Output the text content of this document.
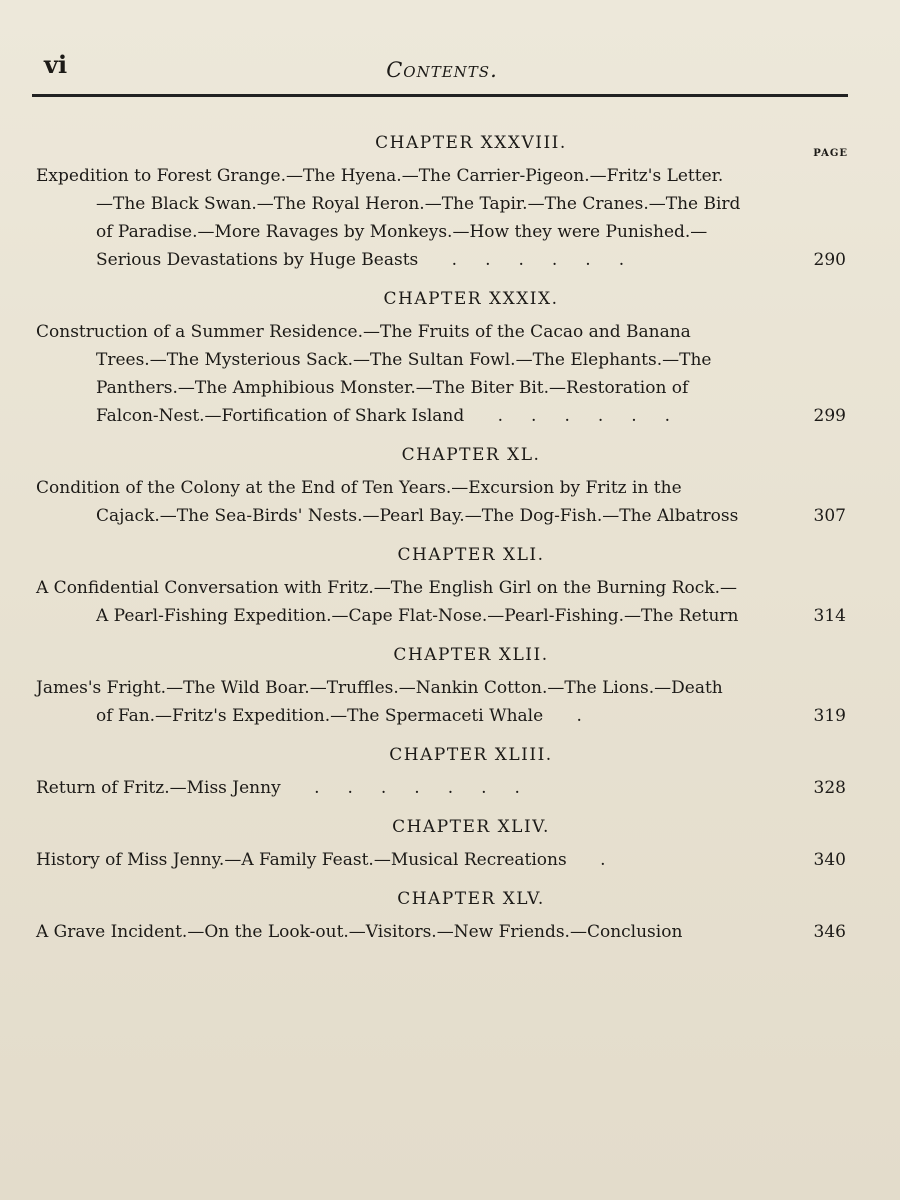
vi	Contents.
PAGE
CHAPTER XXXVIII.
Expedition to Forest Grange.—The Hyena.—The Carrier-Pigeon.—Fritz's Letter.
—The Black Swan.—The Royal Heron.—The Tapir.—The Cranes.—The Bird
of Paradise.—More Ravages by Monkeys.—How they were Punished.—
Serious Devastations by Huge Beasts ......	290
CHAPTER XXXIX.
Construction of a Summer Residence.—The Fruits of the Cacao and Banana
Trees.—The Mysterious Sack.—The Sultan Fowl.—The Elephants.—The
Panthers.—The Amphibious Monster.—The Biter Bit.—Restoration of
Falcon-Nest.—Fortification of Shark Island ......	299
CHAPTER XL.
Condition of the Colony at the End of Ten Years.—Excursion by Fritz in the
Cajack.—The Sea-Birds' Nests.—Pearl Bay.—The Dog-Fish.—The Albatross	307
CHAPTER XLI.
A Confidential Conversation with Fritz.—The English Girl on the Burning Rock.—
A Pearl-Fishing Expedition.—Cape Flat-Nose.—Pearl-Fishing.—The Return	314
CHAPTER XLII.
James's Fright.—The Wild Boar.—Truffles.—Nankin Cotton.—The Lions.—Death
of Fan.—Fritz's Expedition.—The Spermaceti Whale .	319
CHAPTER XLIII.
Return of Fritz.—Miss Jenny .......	328
CHAPTER XLIV.
History of Miss Jenny.—A Family Feast.—Musical Recreations .	340
CHAPTER XLV.
A Grave Incident.—On the Look-out.—Visitors.—New Friends.—Conclusion	346
